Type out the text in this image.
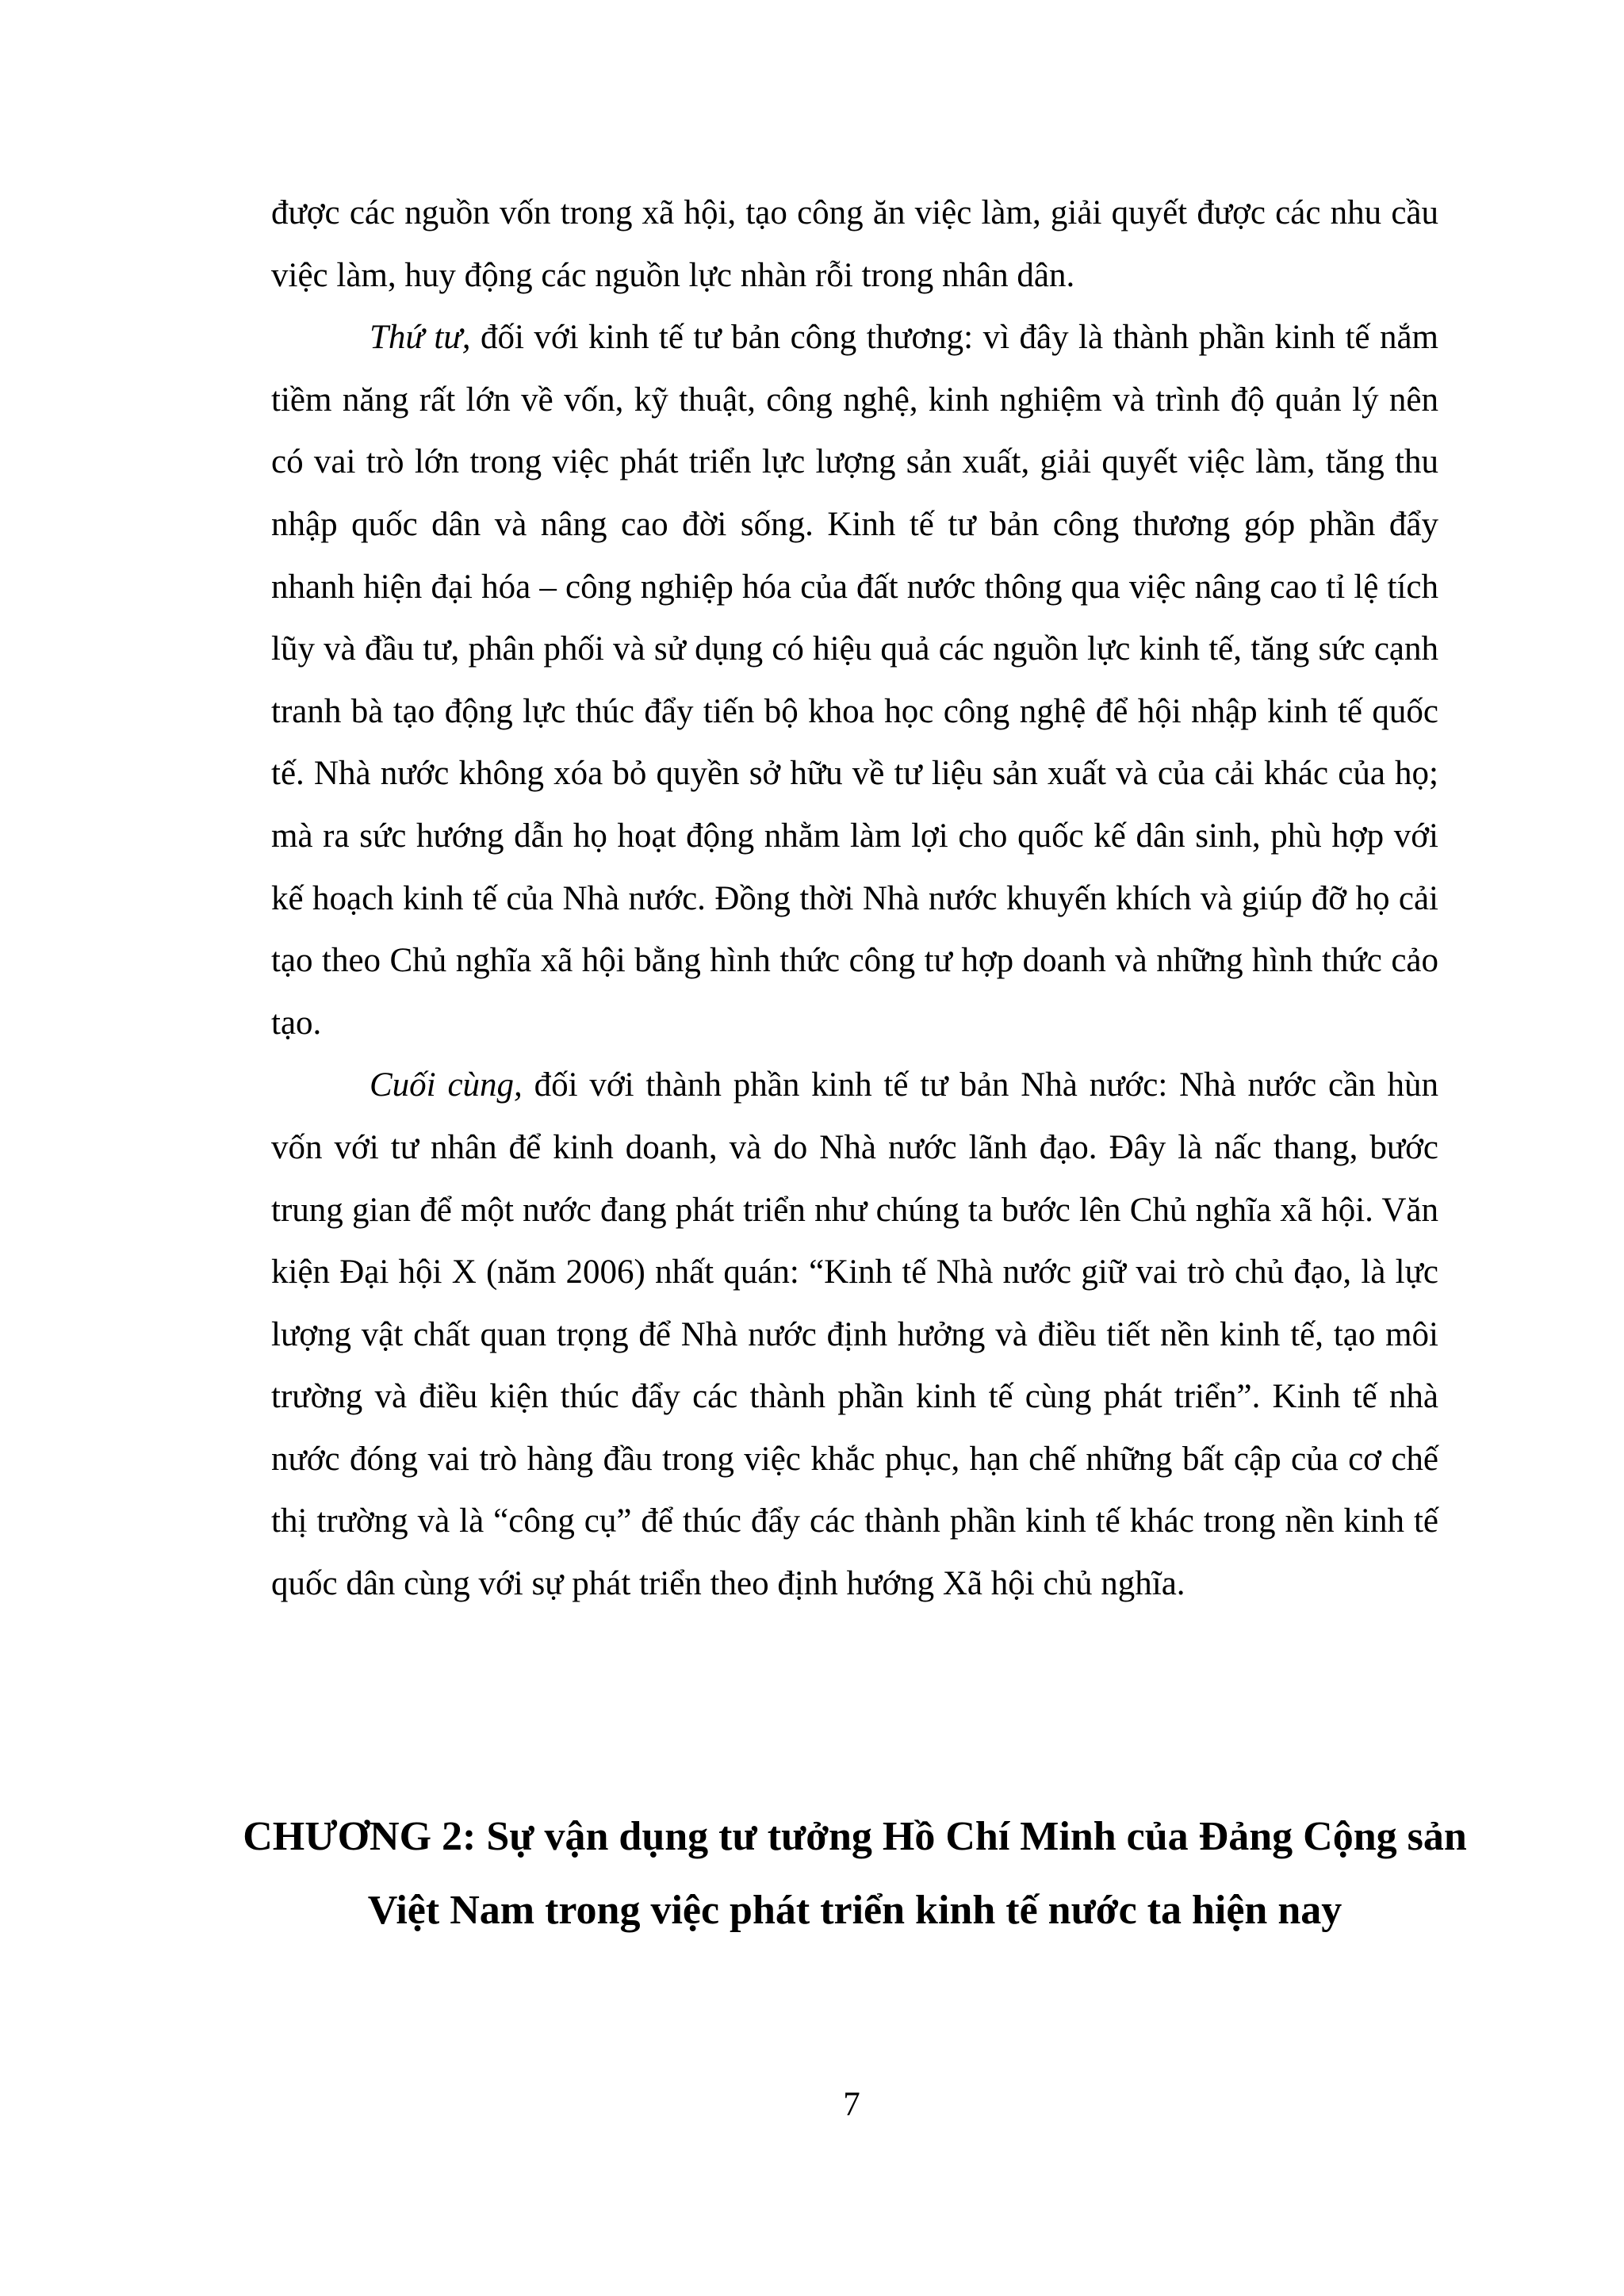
được các nguồn vốn trong xã hội, tạo công ăn việc làm, giải quyết được các nhu cầu việc làm, huy động các nguồn lực nhàn rỗi trong nhân dân.

Thứ tư, đối với kinh tế tư bản công thương: vì đây là thành phần kinh tế nắm tiềm năng rất lớn về vốn, kỹ thuật, công nghệ, kinh nghiệm và trình độ quản lý nên có vai trò lớn trong việc phát triển lực lượng sản xuất, giải quyết việc làm, tăng thu nhập quốc dân và nâng cao đời sống. Kinh tế tư bản công thương góp phần đẩy nhanh hiện đại hóa – công nghiệp hóa của đất nước thông qua việc nâng cao tỉ lệ tích lũy và đầu tư, phân phối và sử dụng có hiệu quả các nguồn lực kinh tế, tăng sức cạnh tranh bà tạo động lực thúc đẩy tiến bộ khoa học công nghệ để hội nhập kinh tế quốc tế. Nhà nước không xóa bỏ quyền sở hữu về tư liệu sản xuất và của cải khác của họ; mà ra sức hướng dẫn họ hoạt động nhằm làm lợi cho quốc kế dân sinh, phù hợp với kế hoạch kinh tế của Nhà nước. Đồng thời Nhà nước khuyến khích và giúp đỡ họ cải tạo theo Chủ nghĩa xã hội bằng hình thức công tư hợp doanh và những hình thức cảo tạo.

Cuối cùng, đối với thành phần kinh tế tư bản Nhà nước: Nhà nước cần hùn vốn với tư nhân để kinh doanh, và do Nhà nước lãnh đạo. Đây là nấc thang, bước trung gian để một nước đang phát triển như chúng ta bước lên Chủ nghĩa xã hội. Văn kiện Đại hội X (năm 2006) nhất quán: “Kinh tế Nhà nước giữ vai trò chủ đạo, là lực lượng vật chất quan trọng để Nhà nước định hưởng và điều tiết nền kinh tế, tạo môi trường và điều kiện thúc đẩy các thành phần kinh tế cùng phát triển”. Kinh tế nhà nước đóng vai trò hàng đầu trong việc khắc phục, hạn chế những bất cập của cơ chế thị trường và là “công cụ” để thúc đẩy các thành phần kinh tế khác trong nền kinh tế quốc dân cùng với sự phát triển theo định hướng Xã hội chủ nghĩa.

CHƯƠNG 2: Sự vận dụng tư tưởng Hồ Chí Minh của Đảng Cộng sản Việt Nam trong việc phát triển kinh tế nước ta hiện nay
7
